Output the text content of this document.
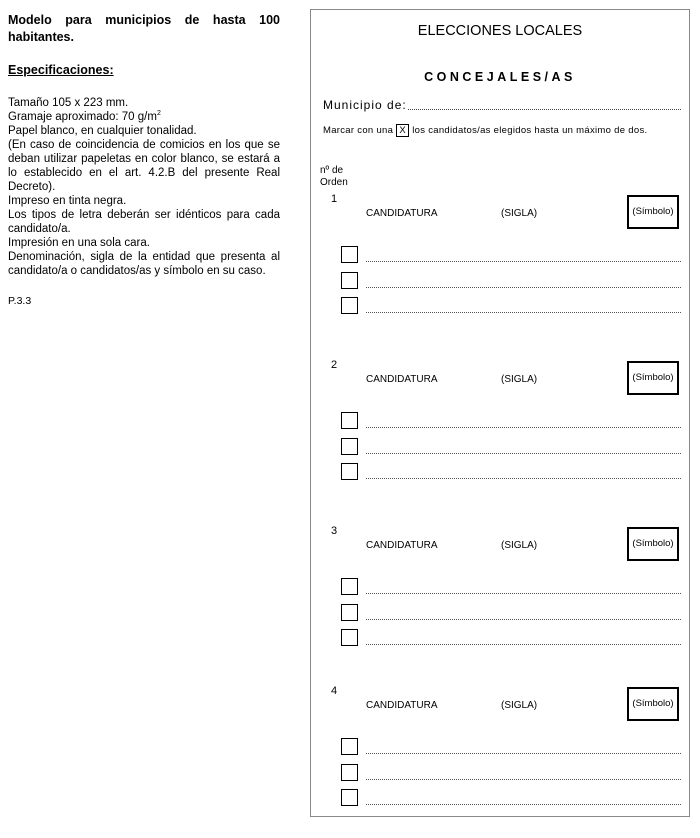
Modelo para municipios de hasta 100 habitantes.
Especificaciones:

Tamaño 105 x 223 mm.

Gramaje aproximado: 70 $g/m^2$

Papel blanco, en cualquier tonalidad.

(En caso de coincidencia de comicios en los que se deban utilizar papeletas en color blanco, se estará a lo establecido en el art. 4.2.B del presente Real Decreto).

Impreso en tinta negra.

Los tipos de letra deberán ser idénticos para cada candidato/a.

Impresión en una sola cara.

Denominación, sigla de la entidad que presenta al candidato/a o candidatos/as y símbolo en su caso.

P.3.3
ELECCIONES LOCALES
CONCEJALES/AS
Municipio de:
Marcar con una X los candidatos/as elegidos hasta un máximo de dos.
nº de Orden
1
CANDIDATURA	(SIGLA)	(Símbolo)
2
CANDIDATURA	(SIGLA)	(Símbolo)
3
CANDIDATURA	(SIGLA)	(Símbolo)
4
CANDIDATURA	(SIGLA)	(Símbolo)
